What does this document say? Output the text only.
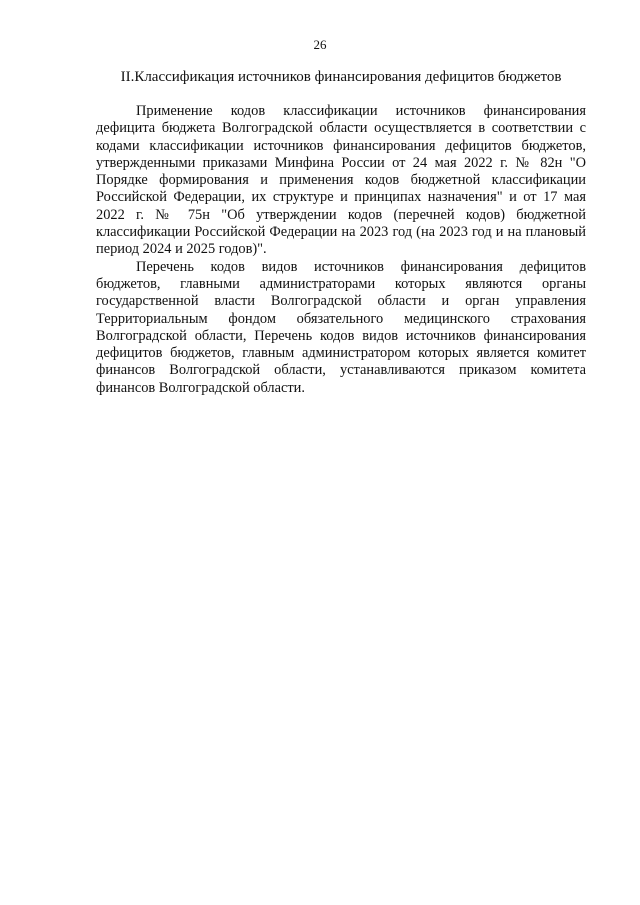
26
II.Классификация источников финансирования дефицитов бюджетов

Применение кодов классификации источников финансирования дефицита бюджета Волгоградской области осуществляется в соответствии с кодами классификации источников финансирования дефицитов бюджетов, утвержденными приказами Минфина России от 24 мая 2022 г. № 82н "О Порядке формирования и применения кодов бюджетной классификации Российской Федерации, их структуре и принципах назначения" и от 17 мая 2022 г. № 75н "Об утверждении кодов (перечней кодов) бюджетной классификации Российской Федерации на 2023 год (на 2023 год и на плановый период 2024 и 2025 годов)".

Перечень кодов видов источников финансирования дефицитов бюджетов, главными администраторами которых являются органы государственной власти Волгоградской области и орган управления Территориальным фондом обязательного медицинского страхования Волгоградской области, Перечень кодов видов источников финансирования дефицитов бюджетов, главным администратором которых является комитет финансов Волгоградской области, устанавливаются приказом комитета финансов Волгоградской области.
